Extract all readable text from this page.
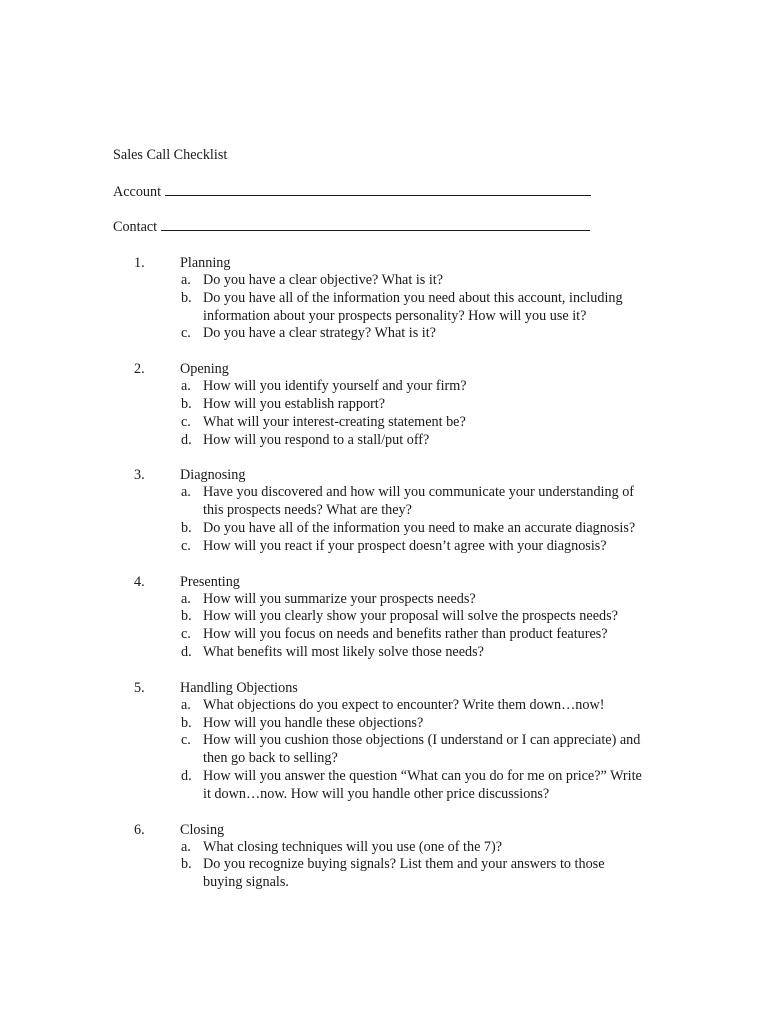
Sales Call Checklist
Account
Contact
1. Planning
a. Do you have a clear objective? What is it?
b. Do you have all of the information you need about this account, including information about your prospects personality? How will you use it?
c. Do you have a clear strategy? What is it?
2. Opening
a. How will you identify yourself and your firm?
b. How will you establish rapport?
c. What will your interest-creating statement be?
d. How will you respond to a stall/put off?
3. Diagnosing
a. Have you discovered and how will you communicate your understanding of this prospects needs? What are they?
b. Do you have all of the information you need to make an accurate diagnosis?
c. How will you react if your prospect doesn’t agree with your diagnosis?
4. Presenting
a. How will you summarize your prospects needs?
b. How will you clearly show your proposal will solve the prospects needs?
c. How will you focus on needs and benefits rather than product features?
d. What benefits will most likely solve those needs?
5. Handling Objections
a. What objections do you expect to encounter? Write them down…now!
b. How will you handle these objections?
c. How will you cushion those objections (I understand or I can appreciate) and then go back to selling?
d. How will you answer the question “What can you do for me on price?” Write it down…now. How will you handle other price discussions?
6. Closing
a. What closing techniques will you use (one of the 7)?
b. Do you recognize buying signals? List them and your answers to those buying signals.
